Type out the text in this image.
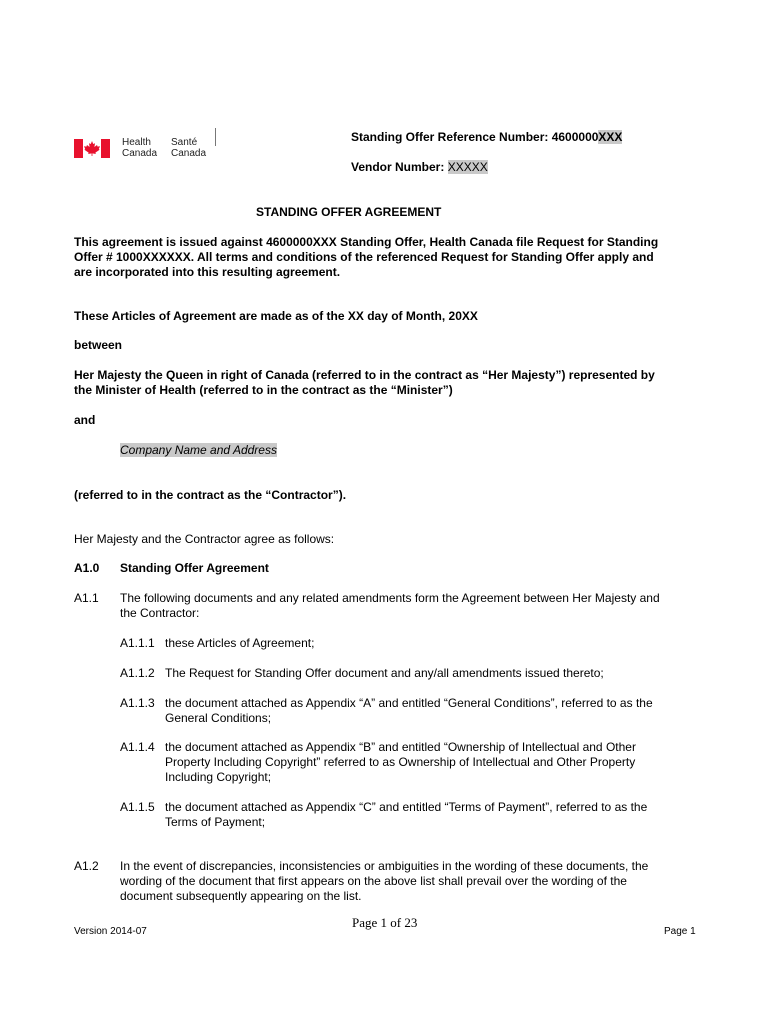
Health
Canada
Santé
Canada
Standing Offer Reference Number: 4600000XXX
Vendor Number: XXXXX
STANDING OFFER AGREEMENT
This agreement is issued against 4600000XXX Standing Offer, Health Canada file Request for Standing
Offer # 1000XXXXXX. All terms and conditions of the referenced Request for Standing Offer apply and
are incorporated into this resulting agreement.
These Articles of Agreement are made as of the XX day of Month, 20XX
between
Her Majesty the Queen in right of Canada (referred to in the contract as “Her Majesty”) represented by
the Minister of Health (referred to in the contract as the “Minister”)
and
Company Name and Address
(referred to in the contract as the “Contractor”).
Her Majesty and the Contractor agree as follows:
A1.0 Standing Offer Agreement
A1.1 The following documents and any related amendments form the Agreement between Her Majesty and
the Contractor:
A1.1.1 these Articles of Agreement;
A1.1.2 The Request for Standing Offer document and any/all amendments issued thereto;
A1.1.3 the document attached as Appendix “A” and entitled “General Conditions”, referred to as the
General Conditions;
A1.1.4 the document attached as Appendix “B” and entitled “Ownership of Intellectual and Other
Property Including Copyright” referred to as Ownership of Intellectual and Other Property
Including Copyright;
A1.1.5 the document attached as Appendix “C” and entitled “Terms of Payment”, referred to as the
Terms of Payment;
A1.2 In the event of discrepancies, inconsistencies or ambiguities in the wording of these documents, the
wording of the document that first appears on the above list shall prevail over the wording of the
document subsequently appearing on the list.
Version 2014-07
Page 1 of 23
Page 1
